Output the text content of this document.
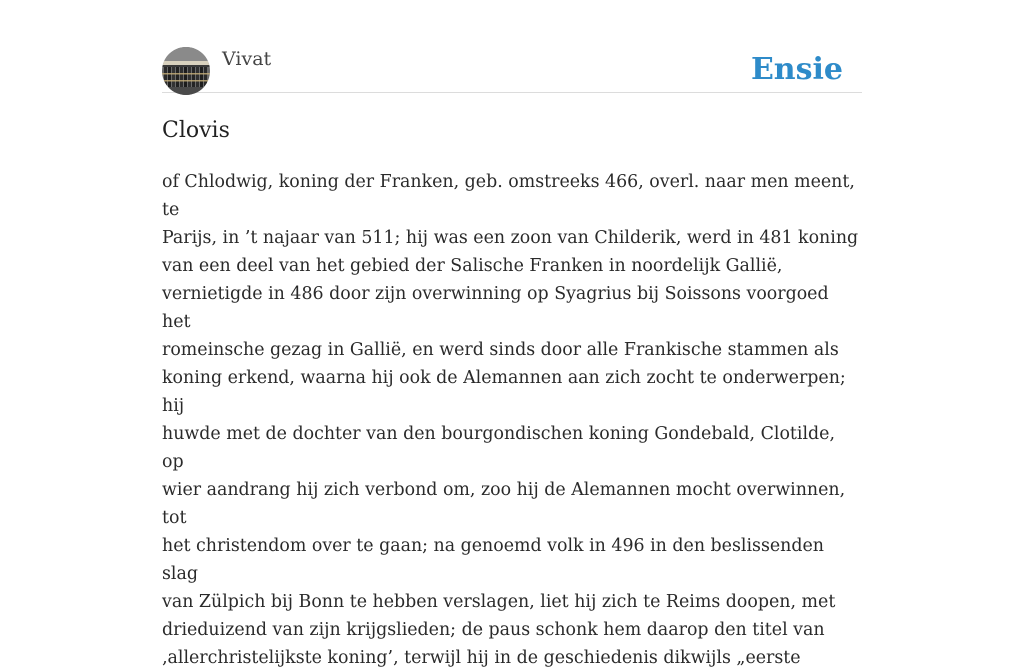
Vivat	Ensie
Clovis

of Chlodwig, koning der Franken, geb. omstreeks 466, overl. naar men meent, te
Parijs, in ’t najaar van 511; hij was een zoon van Childerik, werd in 481 koning
van een deel van het gebied der Salische Franken in noordelijk Gallië,
vernietigde in 486 door zijn overwinning op Syagrius bij Soissons voorgoed het
romeinsche gezag in Gallië, en werd sinds door alle Frankische stammen als
koning erkend, waarna hij ook de Alemannen aan zich zocht te onderwerpen; hij
huwde met de dochter van den bourgondischen koning Gondebald, Clotilde, op
wier aandrang hij zich verbond om, zoo hij de Alemannen mocht overwinnen, tot
het christendom over te gaan; na genoemd volk in 496 in den beslissenden slag
van Zülpich bij Bonn te hebben verslagen, liet hij zich te Reims doopen, met
drieduizend van zijn krijgslieden; de paus schonk hem daarop den titel van
‚allerchristelijkste koning’, terwijl hij in de geschiedenis dikwijls „eerste
